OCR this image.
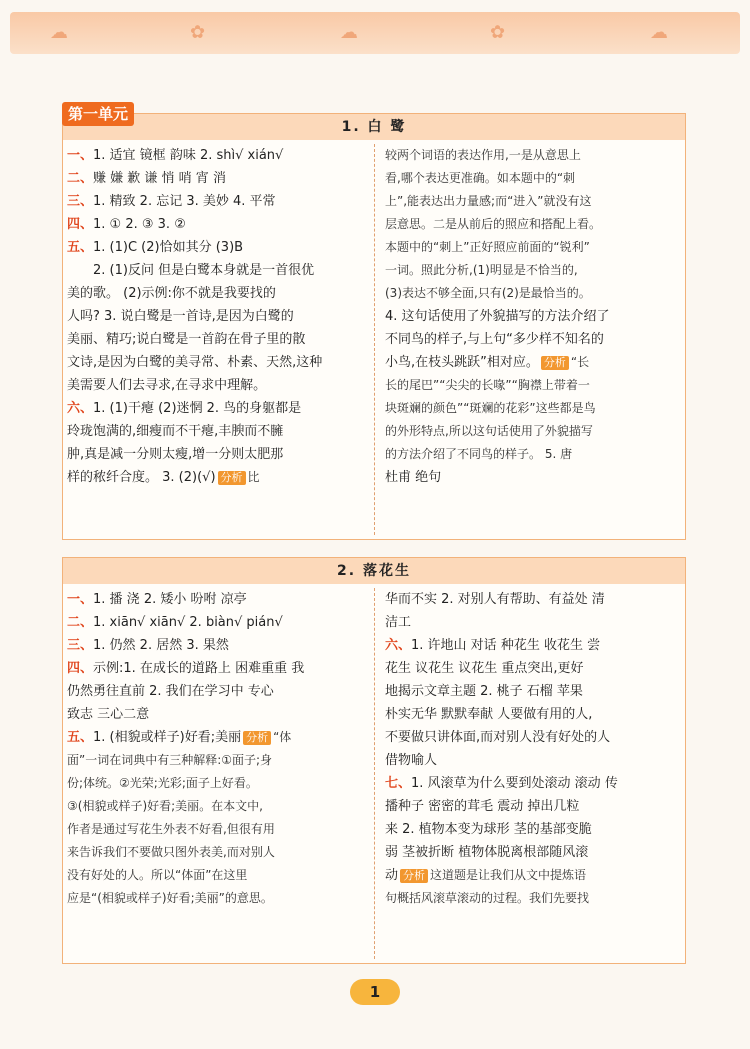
☁	✿	☁	✿	☁
1. 白 鹭
一、1. 适宜 镜框 韵味 2. shì√ xián√
二、赚 嫌 歉 谦 悄 哨 宵 消
三、1. 精致 2. 忘记 3. 美妙 4. 平常
四、1. ① 2. ③ 3. ②
五、1. (1)C (2)恰如其分 (3)B
2. (1)反问 但是白鹭本身就是一首很优
美的歌。 (2)示例:你不就是我要找的
人吗? 3. 说白鹭是一首诗,是因为白鹭的
美丽、精巧;说白鹭是一首韵在骨子里的散
文诗,是因为白鹭的美寻常、朴素、天然,这种
美需要人们去寻求,在寻求中理解。
六、1. (1)干瘪 (2)迷惘 2. 鸟的身躯都是
玲珑饱满的,细瘦而不干瘪,丰腴而不臃
肿,真是减一分则太瘦,增一分则太肥那
样的秾纤合度。 3. (2)(√) 分析 比
较两个词语的表达作用,一是从意思上
看,哪个表达更准确。如本题中的“刺
上”,能表达出力量感;而“进入”就没有这
层意思。二是从前后的照应和搭配上看。
本题中的“刺上”正好照应前面的“锐利”
一词。照此分析,(1)明显是不恰当的,
(3)表达不够全面,只有(2)是最恰当的。
4. 这句话使用了外貌描写的方法介绍了
不同鸟的样子,与上句“多少样不知名的
小鸟,在枝头跳跃”相对应。 分析 “长
长的尾巴”“尖尖的长喙”“胸襟上带着一
块斑斓的颜色”“斑斓的花彩”这些都是鸟
的外形特点,所以这句话使用了外貌描写
的方法介绍了不同鸟的样子。 5. 唐
杜甫 绝句
第一单元
2. 落花生
一、1. 播 浇 2. 矮小 吩咐 凉亭
二、1. xiān√ xiān√ 2. biàn√ pián√
三、1. 仍然 2. 居然 3. 果然
四、示例:1. 在成长的道路上 困难重重 我
仍然勇往直前 2. 我们在学习中 专心
致志 三心二意
五、1. (相貌或样子)好看;美丽 分析 “体
面”一词在词典中有三种解释:①面子;身
份;体统。②光荣;光彩;面子上好看。
③(相貌或样子)好看;美丽。在本文中,
作者是通过写花生外表不好看,但很有用
来告诉我们不要做只图外表美,而对别人
没有好处的人。所以“体面”在这里
应是“(相貌或样子)好看;美丽”的意思。
华而不实 2. 对别人有帮助、有益处 清
洁工
六、1. 许地山 对话 种花生 收花生 尝
花生 议花生 议花生 重点突出,更好
地揭示文章主题 2. 桃子 石榴 苹果
朴实无华 默默奉献 人要做有用的人,
不要做只讲体面,而对别人没有好处的人
借物喻人
七、1. 风滚草为什么要到处滚动 滚动 传
播种子 密密的茸毛 震动 掉出几粒
来 2. 植物本变为球形 茎的基部变脆
弱 茎被折断 植物体脱离根部随风滚
动 分析 这道题是让我们从文中提炼语
句概括风滚草滚动的过程。我们先要找
1
